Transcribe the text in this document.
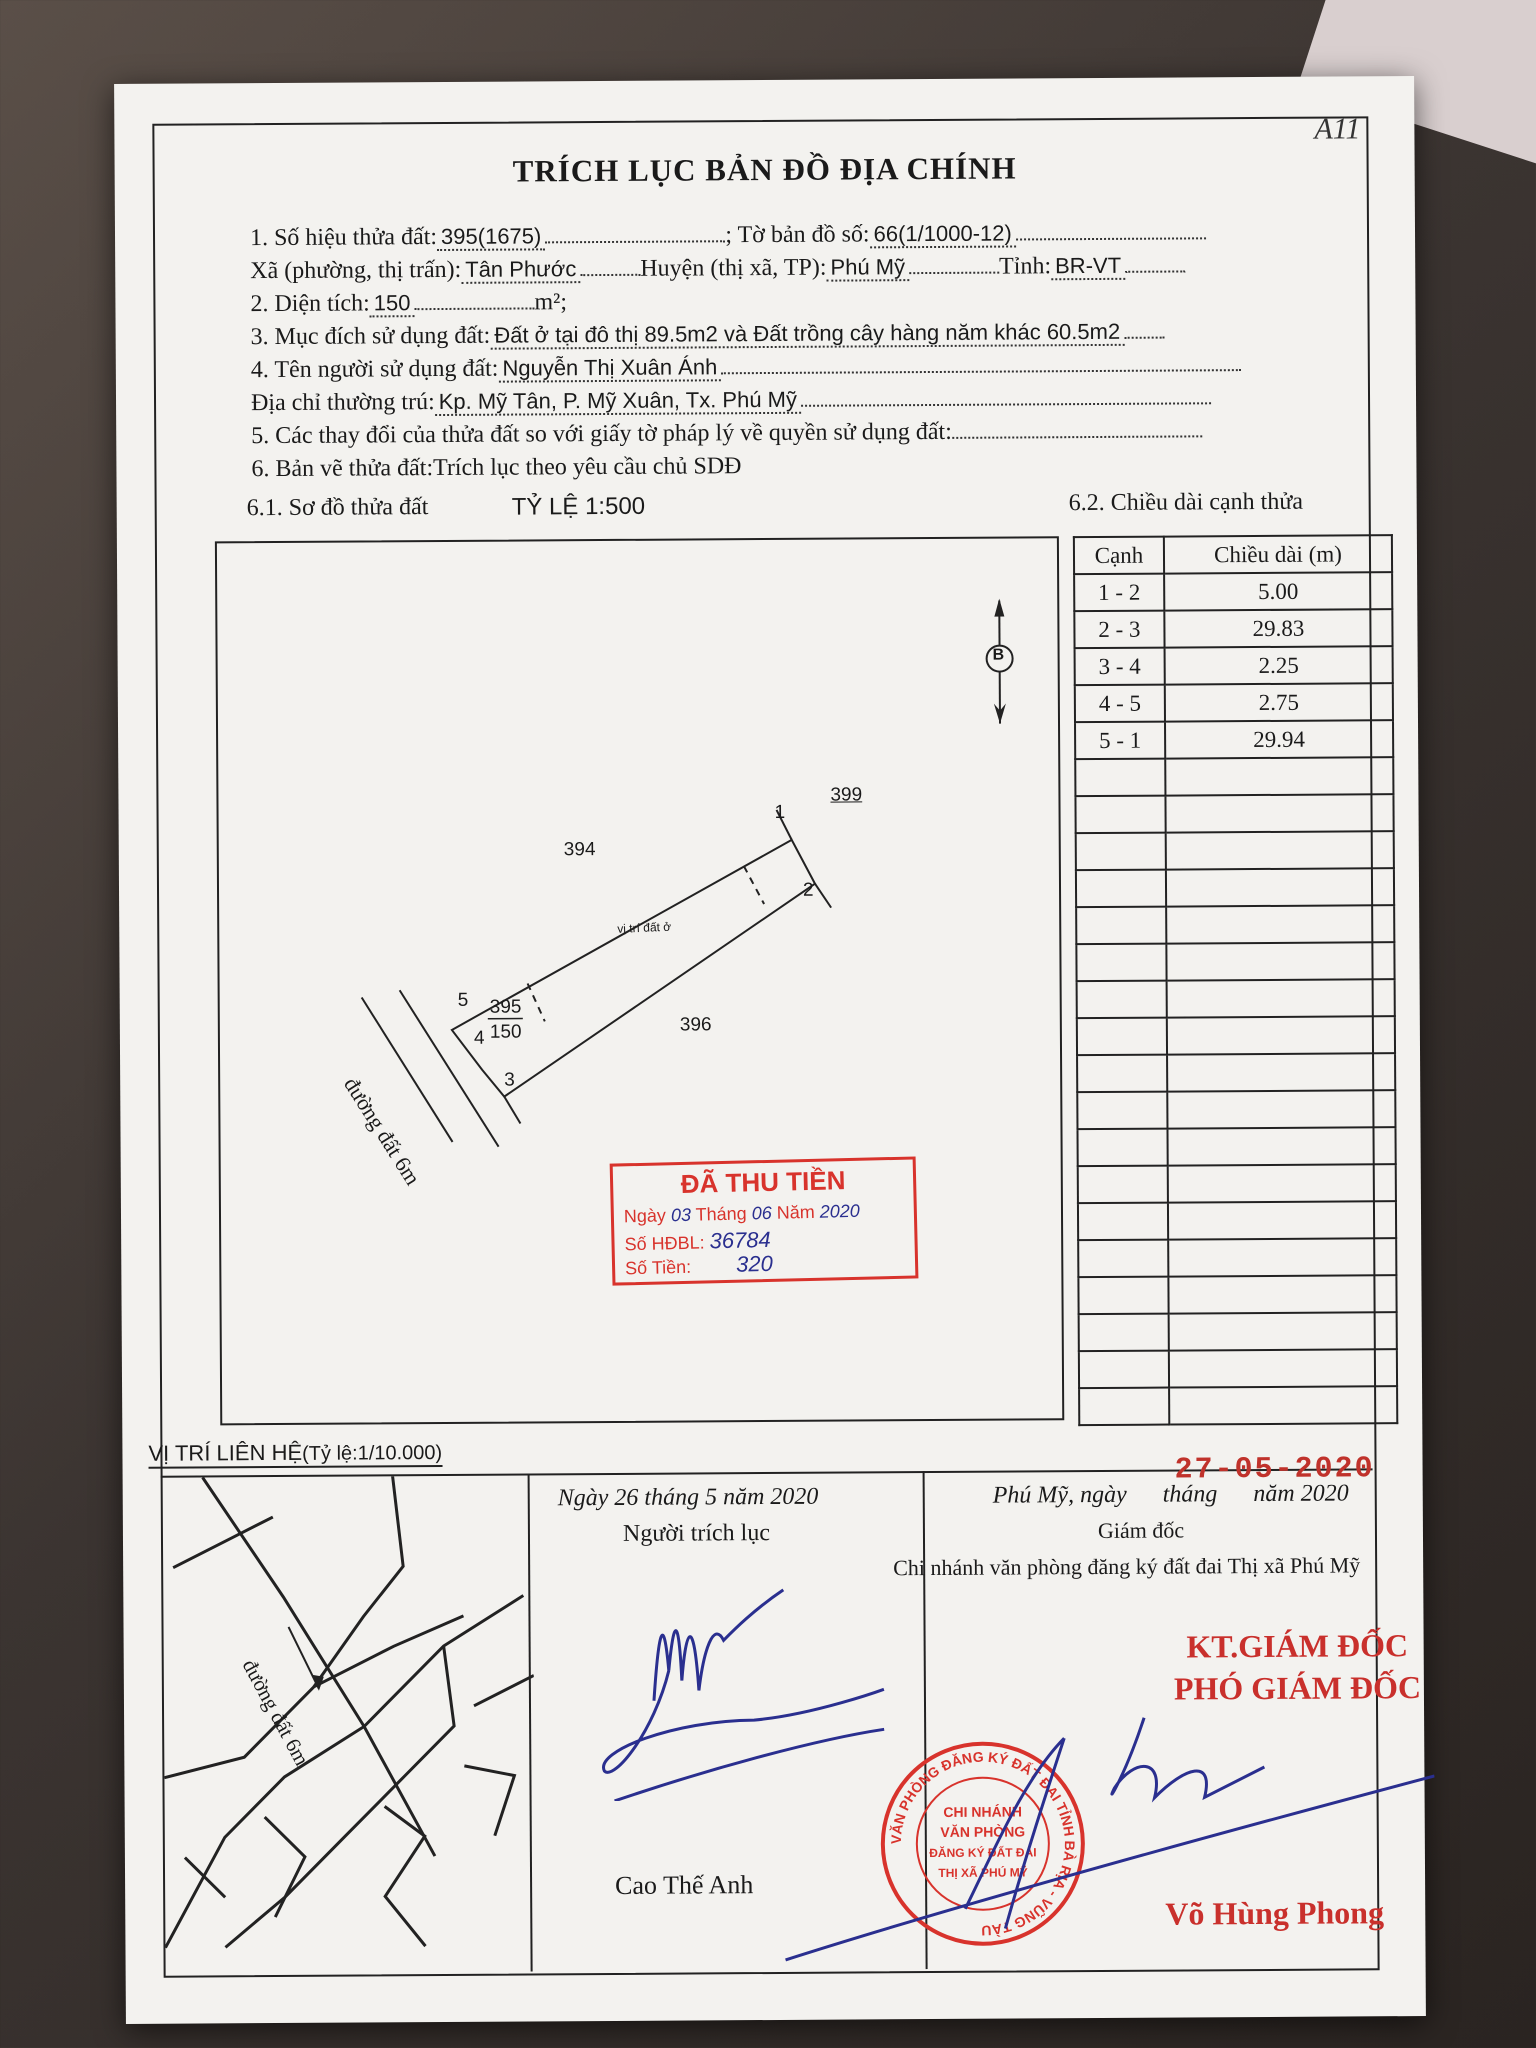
A11
TRÍCH LỤC BẢN ĐỒ ĐỊA CHÍNH
1. Số hiệu thửa đất: 395(1675)	; Tờ bản đồ số: 66(1/1000-12)
Xã (phường, thị trấn): Tân Phước	Huyện (thị xã, TP): Phú Mỹ	Tỉnh: BR-VT
2. Diện tích: 150	m²;
3. Mục đích sử dụng đất: Đất ở tại đô thị 89.5m2 và Đất trồng cây hàng năm khác 60.5m2
4. Tên người sử dụng đất: Nguyễn Thị Xuân Ánh
Địa chỉ thường trú: Kp. Mỹ Tân, P. Mỹ Xuân, Tx. Phú Mỹ
5. Các thay đổi của thửa đất so với giấy tờ pháp lý về quyền sử dụng đất:
6. Bản vẽ thửa đất:Trích lục theo yêu cầu chủ SDĐ
6.1. Sơ đồ thửa đất	TỶ LỆ 1:500	6.2. Chiều dài cạnh thửa
394
399
396
395
150
1
2
3
4
5
B
vị trí đất ở
đường đất 6m	ĐÃ THU TIỀN
Ngày 03 Tháng 06 Năm 2020
Số HĐBL: 36784
Số Tiền: 320
Cạnh	Chiều dài (m)
1 - 2	5.00
2 - 3	29.83
3 - 4	2.25
4 - 5	2.75
5 - 1	29.94

VỊ TRÍ LIÊN HỆ(Tỷ lệ:1/10.000)
đường đất 6m
Ngày 26 tháng 5 năm 2020
Người trích lục
Cao Thế Anh
Phú Mỹ, ngày      tháng      năm 2020
27-05-2020
Giám đốc
Chi nhánh văn phòng đăng ký đất đai Thị xã Phú Mỹ
KT.GIÁM ĐỐC
PHÓ GIÁM ĐỐC
VĂN PHÒNG ĐĂNG KÝ ĐẤT ĐAI TỈNH BÀ RỊA - VŨNG TÀU
CHI NHÁNH
VĂN PHÒNG
ĐĂNG KÝ ĐẤT ĐAI
THỊ XÃ PHÚ MỸ
Võ Hùng Phong
